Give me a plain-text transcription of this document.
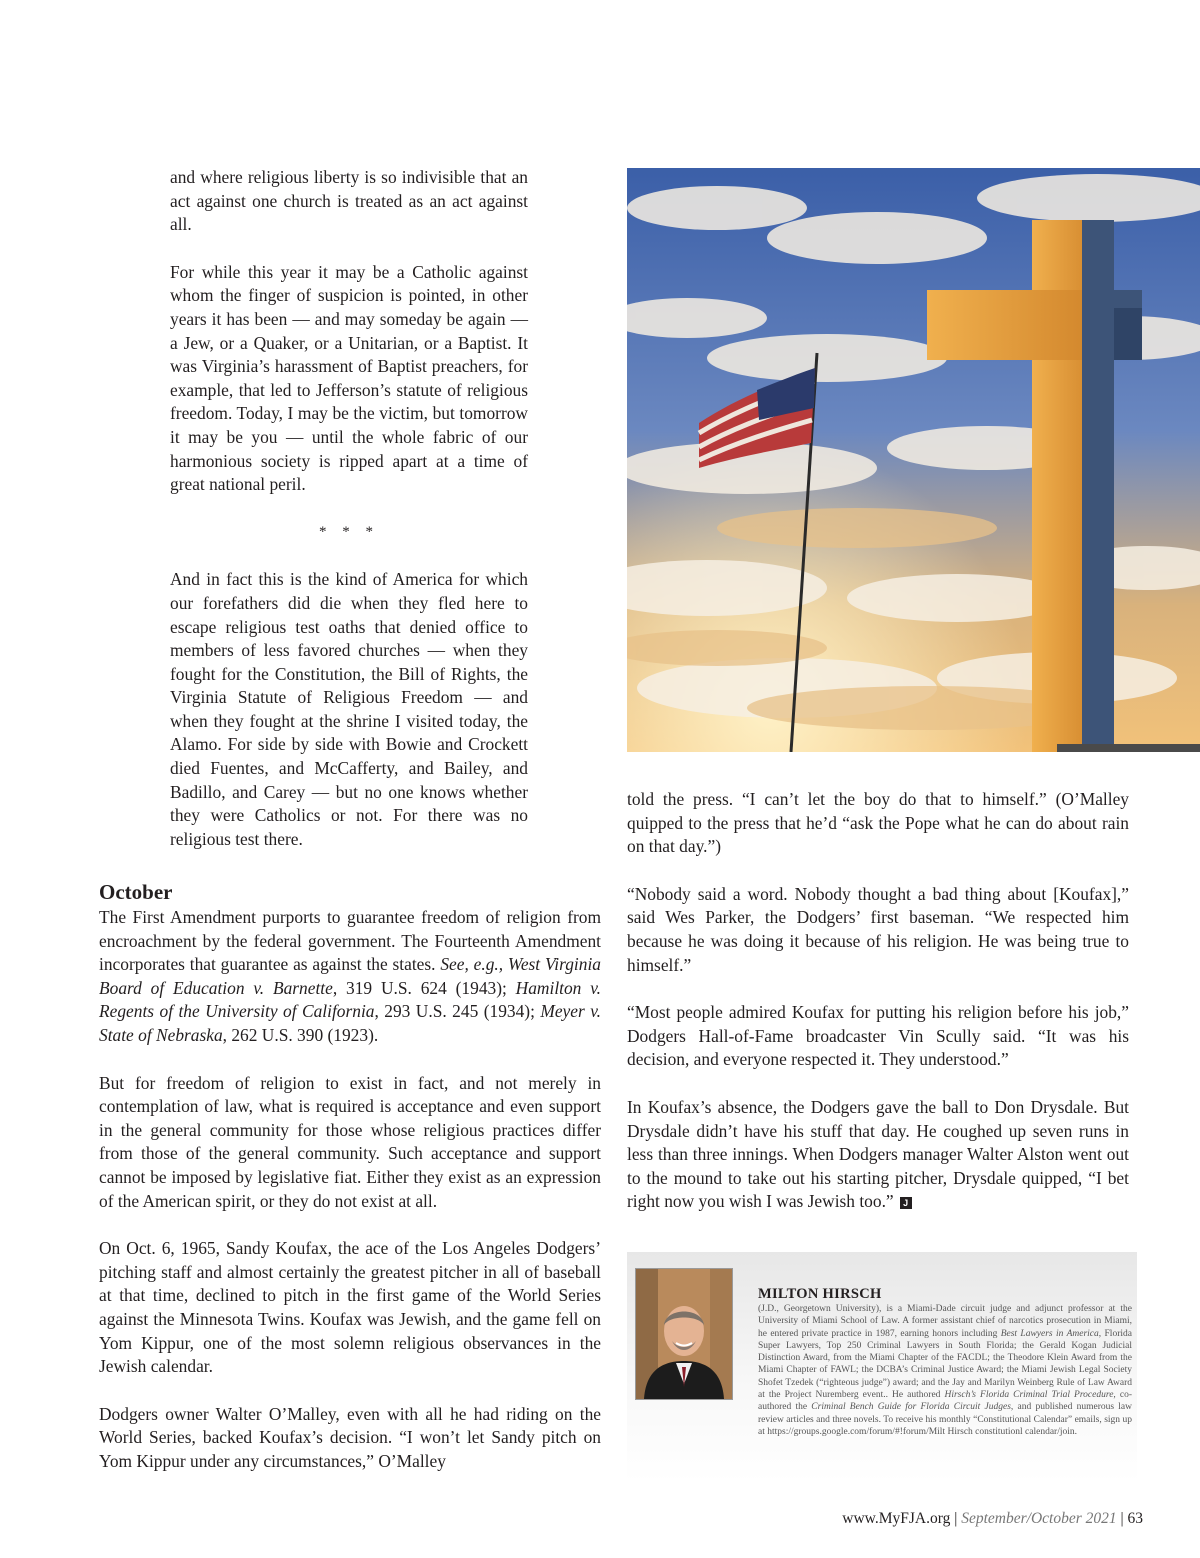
and where religious liberty is so indivisible that an act against one church is treated as an act against all.

For while this year it may be a Catholic against whom the finger of suspicion is pointed, in other years it has been — and may someday be again — a Jew, or a Quaker, or a Unitarian, or a Baptist. It was Virginia’s harassment of Baptist preachers, for example, that led to Jefferson’s statute of religious freedom. Today, I may be the victim, but tomorrow it may be you — until the whole fabric of our harmonious society is ripped apart at a time of great national peril.

* * *

And in fact this is the kind of America for which our forefathers did die when they fled here to escape religious test oaths that denied office to members of less favored churches — when they fought for the Constitution, the Bill of Rights, the Virginia Statute of Religious Freedom — and when they fought at the shrine I visited today, the Alamo. For side by side with Bowie and Crockett died Fuentes, and McCafferty, and Bailey, and Badillo, and Carey — but no one knows whether they were Catholics or not. For there was no religious test there.

October

The First Amendment purports to guarantee freedom of religion from encroachment by the federal government. The Fourteenth Amendment incorporates that guarantee as against the states. See, e.g., West Virginia Board of Education v. Barnette, 319 U.S. 624 (1943); Hamilton v. Regents of the University of California, 293 U.S. 245 (1934); Meyer v. State of Nebraska, 262 U.S. 390 (1923).

But for freedom of religion to exist in fact, and not merely in contemplation of law, what is required is acceptance and even support in the general community for those whose religious practices differ from those of the general community. Such acceptance and support cannot be imposed by legislative fiat. Either they exist as an expression of the American spirit, or they do not exist at all.

On Oct. 6, 1965, Sandy Koufax, the ace of the Los Angeles Dodgers’ pitching staff and almost certainly the greatest pitcher in all of baseball at that time, declined to pitch in the first game of the World Series against the Minnesota Twins. Koufax was Jewish, and the game fell on Yom Kippur, one of the most solemn religious observances in the Jewish calendar.

Dodgers owner Walter O’Malley, even with all he had riding on the World Series, backed Koufax’s decision. “I won’t let Sandy pitch on Yom Kippur under any circumstances,” O’Malley

told the press. “I can’t let the boy do that to himself.” (O’Malley quipped to the press that he’d “ask the Pope what he can do about rain on that day.”)

“Nobody said a word. Nobody thought a bad thing about [Koufax],” said Wes Parker, the Dodgers’ first baseman. “We respected him because he was doing it because of his religion. He was being true to himself.”

“Most people admired Koufax for putting his religion before his job,” Dodgers Hall-of-Fame broadcaster Vin Scully said. “It was his decision, and everyone respected it. They understood.”

In Koufax’s absence, the Dodgers gave the ball to Don Drysdale. But Drysdale didn’t have his stuff that day. He coughed up seven runs in less than three innings. When Dodgers manager Walter Alston went out to the mound to take out his starting pitcher, Drysdale quipped, “I bet right now you wish I was Jewish too.” J

MILTON HIRSCH

(J.D., Georgetown University), is a Miami-Dade circuit judge and adjunct professor at the University of Miami School of Law. A former assistant chief of narcotics prosecution in Miami, he entered private practice in 1987, earning honors including Best Lawyers in America, Florida Super Lawyers, Top 250 Criminal Lawyers in South Florida; the Gerald Kogan Judicial Distinction Award, from the Miami Chapter of the FACDL; the Theodore Klein Award from the Miami Chapter of FAWL; the DCBA’s Criminal Justice Award; the Miami Jewish Legal Society Shofet Tzedek (“righteous judge”) award; and the Jay and Marilyn Weinberg Rule of Law Award at the Project Nuremberg event.. He authored Hirsch’s Florida Criminal Trial Procedure, co-authored the Criminal Bench Guide for Florida Circuit Judges, and published numerous law review articles and three novels. To receive his monthly “Constitutional Calendar” emails, sign up at https://groups.google.com/forum/#!forum/Milt Hirsch constitutionl calendar/join.

www.MyFJA.org | September/October 2021 | 63
